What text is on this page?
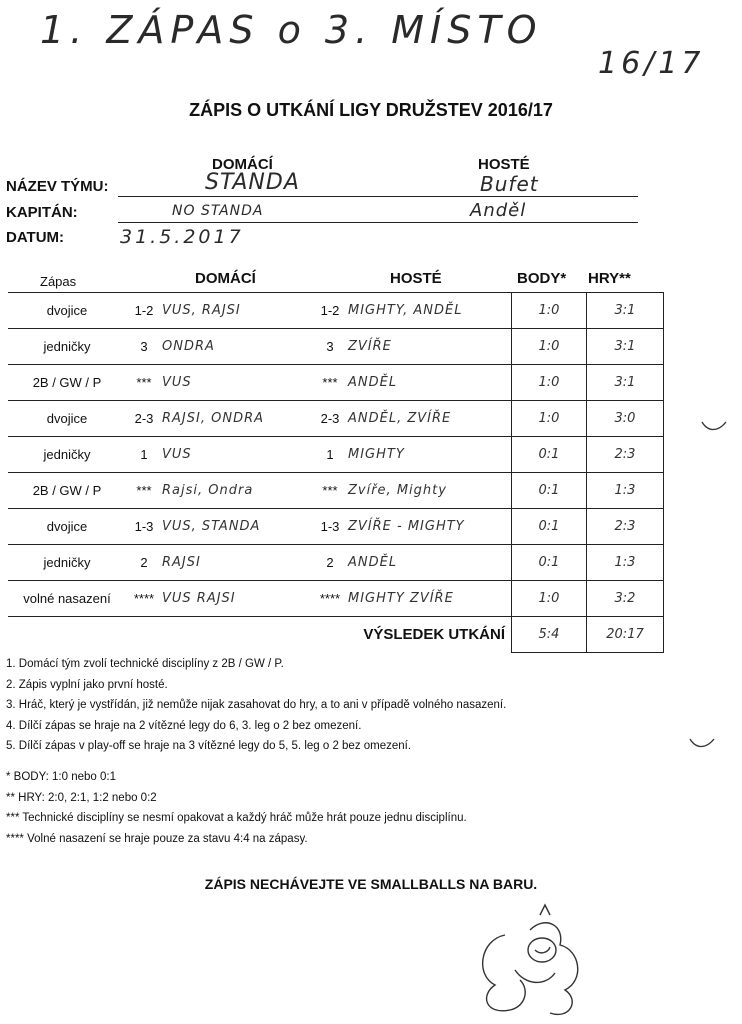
1. ZÁPAS o 3. MÍSTO
16/17
ZÁPIS O UTKÁNÍ LIGY DRUŽSTEV 2016/17
DOMÁCÍ	HOSTÉ
NÁZEV TÝMU:
KAPITÁN:
DATUM:
STANDA	Bufet
NO STANDA	Anděl
31.5.2017
Zápas	DOMÁCÍ	HOSTÉ	BODY* HRY**
dvojice	1-2	VUS, RAJSI	1-2	MIGHTY, ANDĚL	1:0	3:1
jedničky	3	ONDRA	3	ZVÍŘE	1:0	3:1
2B / GW / P	***	VUS	***	ANDĚL	1:0	3:1
dvojice	2-3	RAJSI, ONDRA	2-3	ANDĚL, ZVÍŘE	1:0	3:0
jedničky	1	VUS	1	MIGHTY	0:1	2:3
2B / GW / P	***	Rajsi, Ondra	***	Zvíře, Mighty	0:1	1:3
dvojice	1-3	VUS, STANDA	1-3	ZVÍŘE - MIGHTY	0:1	2:3
jedničky	2	RAJSI	2	ANDĚL	0:1	1:3
volné nasazení	****	VUS RAJSI	****	MIGHTY ZVÍŘE	1:0	3:2
VÝSLEDEK UTKÁNÍ					5:4	20:17
1. Domácí tým zvolí technické disciplíny z 2B / GW / P.
2. Zápis vyplní jako první hosté.
3. Hráč, který je vystřídán, již nemůže nijak zasahovat do hry, a to ani v případě volného nasazení.
4. Dílčí zápas se hraje na 2 vítězné legy do 6, 3. leg o 2 bez omezení.
5. Dílčí zápas v play-off se hraje na 3 vítězné legy do 5, 5. leg o 2 bez omezení.
* BODY: 1:0 nebo 0:1
** HRY: 2:0, 2:1, 1:2 nebo 0:2
*** Technické disciplíny se nesmí opakovat a každý hráč může hrát pouze jednu disciplínu.
**** Volné nasazení se hraje pouze za stavu 4:4 na zápasy.
ZÁPIS NECHÁVEJTE VE SMALLBALLS NA BARU.
